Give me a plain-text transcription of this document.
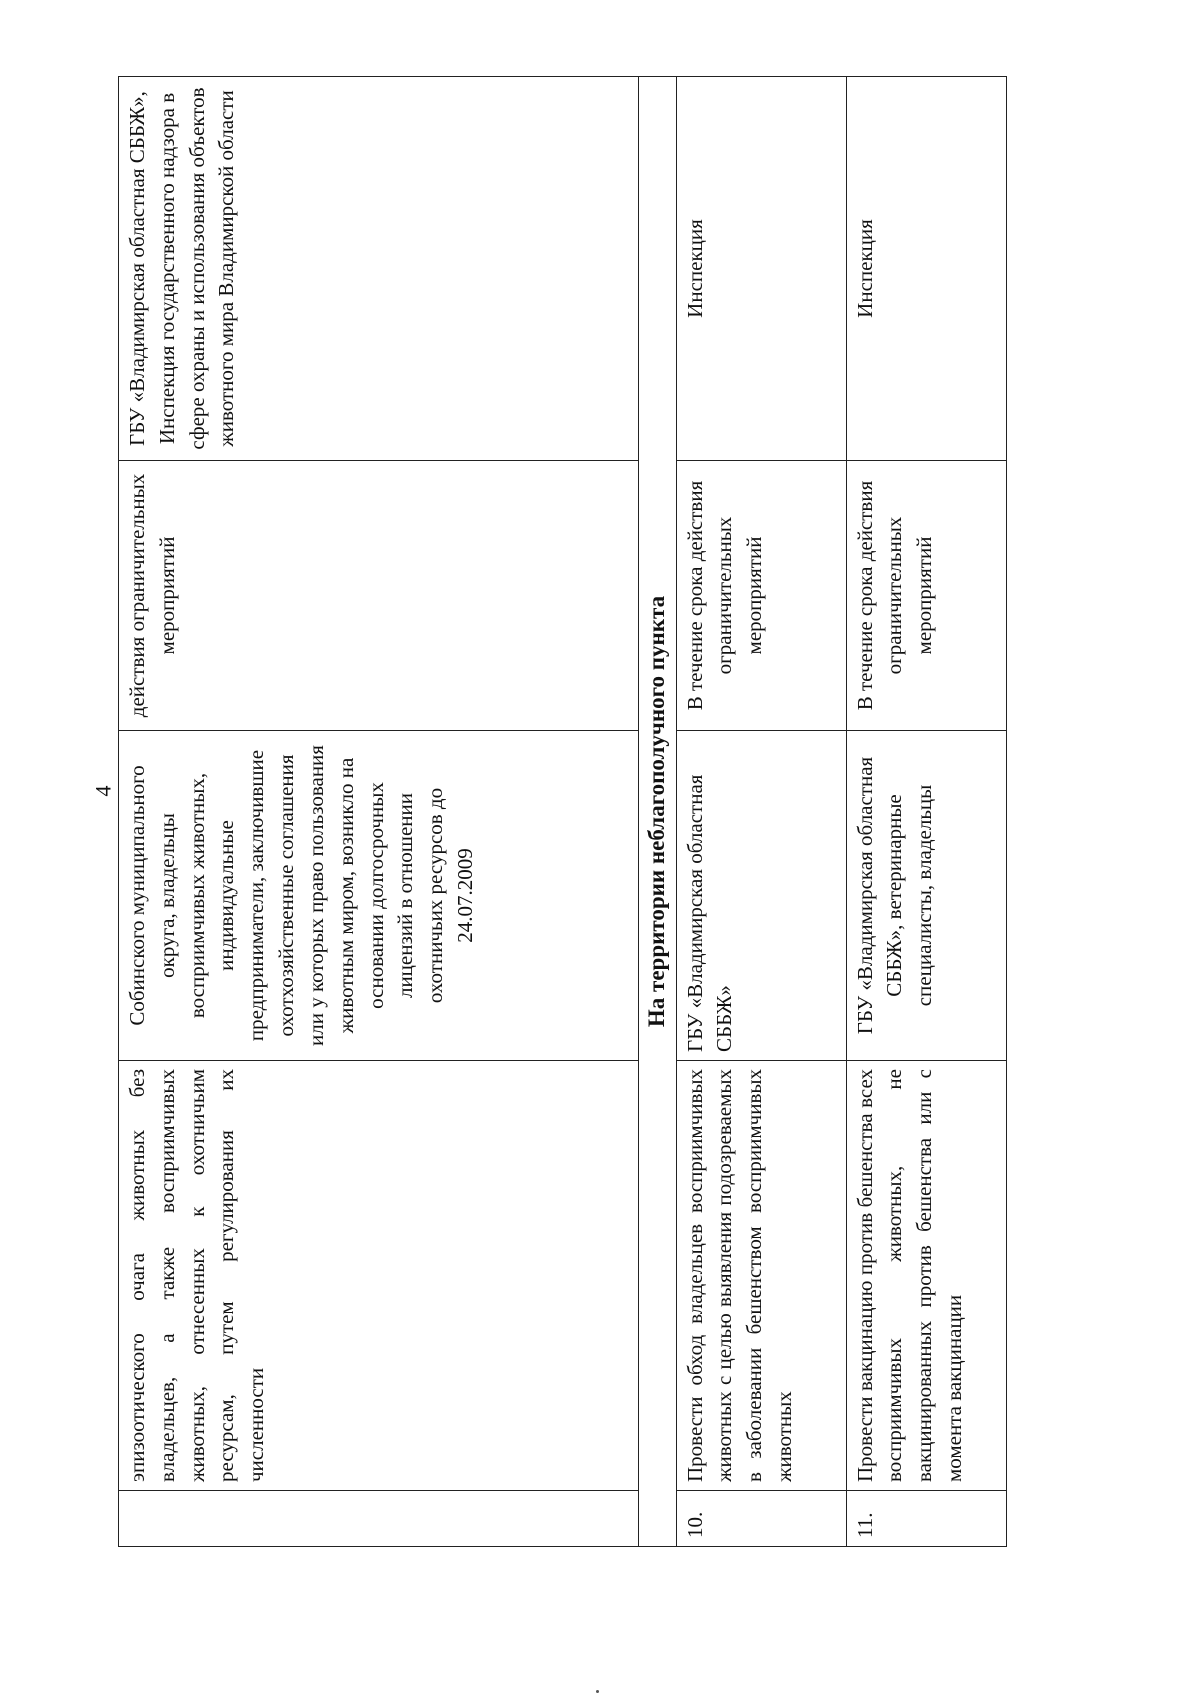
4
	эпизоотического очага животных без владельцев, а также восприимчивых животных, отнесенных к охотничьим ресурсам, путем регулирования их численности	Собинского муниципального округа, владельцы восприимчивых животных, индивидуальные предприниматели, заключившие охотхозяйственные соглашения или у которых право пользования животным миром, возникло на основании долгосрочных лицензий в отношении охотничьих ресурсов до 24.07.2009	действия ограничительных мероприятий	ГБУ «Владимирская областная СББЖ», Инспекция государственного надзора в сфере охраны и использования объектов животного мира Владимирской области
На территории неблагополучного пункта				
10.	Провести обход владельцев восприимчивых животных с целью выявления подозреваемых в заболевании бешенством восприимчивых животных	ГБУ «Владимирская областная СББЖ»	В течение срока действия ограничительных мероприятий	Инспекция
11.	Провести вакцинацию против бешенства всех восприимчивых животных, не вакцинированных против бешенства или с момента вакцинации	ГБУ «Владимирская областная СББЖ», ветеринарные специалисты, владельцы	В течение срока действия ограничительных мероприятий	Инспекция
